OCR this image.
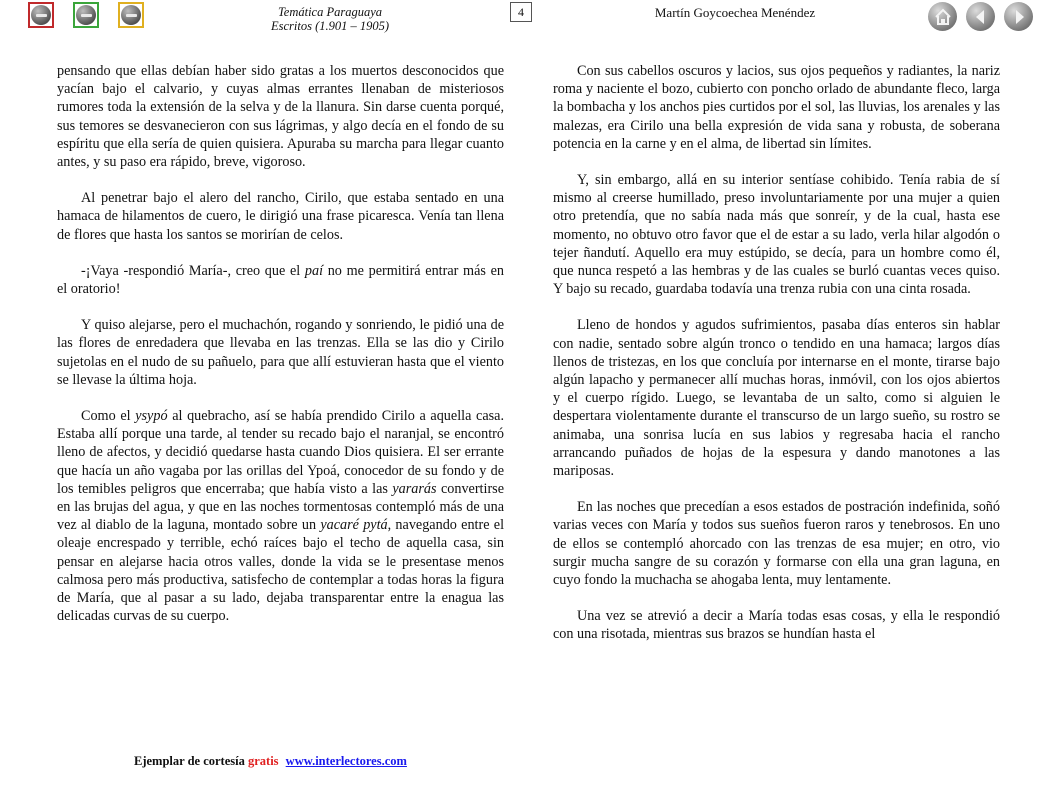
Temática Paraguaya
Escritos (1.901 – 1905)
4	Martín Goycoechea Menéndez

pensando que ellas debían haber sido gratas a los muertos desconocidos que yacían bajo el calvario, y cuyas almas errantes llenaban de misteriosos rumores toda la extensión de la selva y de la llanura. Sin darse cuenta porqué, sus temores se desvanecieron con sus lágrimas, y algo decía en el fondo de su espíritu que ella sería de quien quisiera. Apuraba su marcha para llegar cuanto antes, y su paso era rápido, breve, vigoroso.

Al penetrar bajo el alero del rancho, Cirilo, que estaba sentado en una hamaca de hilamentos de cuero, le dirigió una frase picaresca. Venía tan llena de flores que hasta los santos se morirían de celos.

-¡Vaya -respondió María-, creo que el paí no me permitirá entrar más en el oratorio!

Y quiso alejarse, pero el muchachón, rogando y sonriendo, le pidió una de las flores de enredadera que llevaba en las trenzas. Ella se las dio y Cirilo sujetolas en el nudo de su pañuelo, para que allí estuvieran hasta que el viento se llevase la última hoja.

Como el ysypó al quebracho, así se había prendido Cirilo a aquella casa. Estaba allí porque una tarde, al tender su recado bajo el naranjal, se encontró lleno de afectos, y decidió quedarse hasta cuando Dios quisiera. El ser errante que hacía un año vagaba por las orillas del Ypoá, conocedor de su fondo y de los temibles peligros que encerraba; que había visto a las yararás convertirse en las brujas del agua, y que en las noches tormentosas contempló más de una vez al diablo de la laguna, montado sobre un yacaré pytá, navegando entre el oleaje encrespado y terrible, echó raíces bajo el techo de aquella casa, sin pensar en alejarse hacia otros valles, donde la vida se le presentase menos calmosa pero más productiva, satisfecho de contemplar a todas horas la figura de María, que al pasar a su lado, dejaba transparentar entre la enagua las delicadas curvas de su cuerpo.

Con sus cabellos oscuros y lacios, sus ojos pequeños y radiantes, la nariz roma y naciente el bozo, cubierto con poncho orlado de abundante fleco, larga la bombacha y los anchos pies curtidos por el sol, las lluvias, los arenales y las malezas, era Cirilo una bella expresión de vida sana y robusta, de soberana potencia en la carne y en el alma, de libertad sin límites.

Y, sin embargo, allá en su interior sentíase cohibido. Tenía rabia de sí mismo al creerse humillado, preso involuntariamente por una mujer a quien otro pretendía, que no sabía nada más que sonreír, y de la cual, hasta ese momento, no obtuvo otro favor que el de estar a su lado, verla hilar algodón o tejer ñandutí. Aquello era muy estúpido, se decía, para un hombre como él, que nunca respetó a las hembras y de las cuales se burló cuantas veces quiso. Y bajo su recado, guardaba todavía una trenza rubia con una cinta rosada.

Lleno de hondos y agudos sufrimientos, pasaba días enteros sin hablar con nadie, sentado sobre algún tronco o tendido en una hamaca; largos días llenos de tristezas, en los que concluía por internarse en el monte, tirarse bajo algún lapacho y permanecer allí muchas horas, inmóvil, con los ojos abiertos y el cuerpo rígido. Luego, se levantaba de un salto, como si alguien le despertara violentamente durante el transcurso de un largo sueño, su rostro se animaba, una sonrisa lucía en sus labios y regresaba hacia el rancho arrancando puñados de hojas de la espesura y dando manotones a las mariposas.

En las noches que precedían a esos estados de postración indefinida, soñó varias veces con María y todos sus sueños fueron raros y tenebrosos. En uno de ellos se contempló ahorcado con las trenzas de esa mujer; en otro, vio surgir mucha sangre de su corazón y formarse con ella una gran laguna, en cuyo fondo la muchacha se ahogaba lenta, muy lentamente.

Una vez se atrevió a decir a María todas esas cosas, y ella le respondió con una risotada, mientras sus brazos se hundían hasta el

Ejemplar de cortesía gratis www.interlectores.com
